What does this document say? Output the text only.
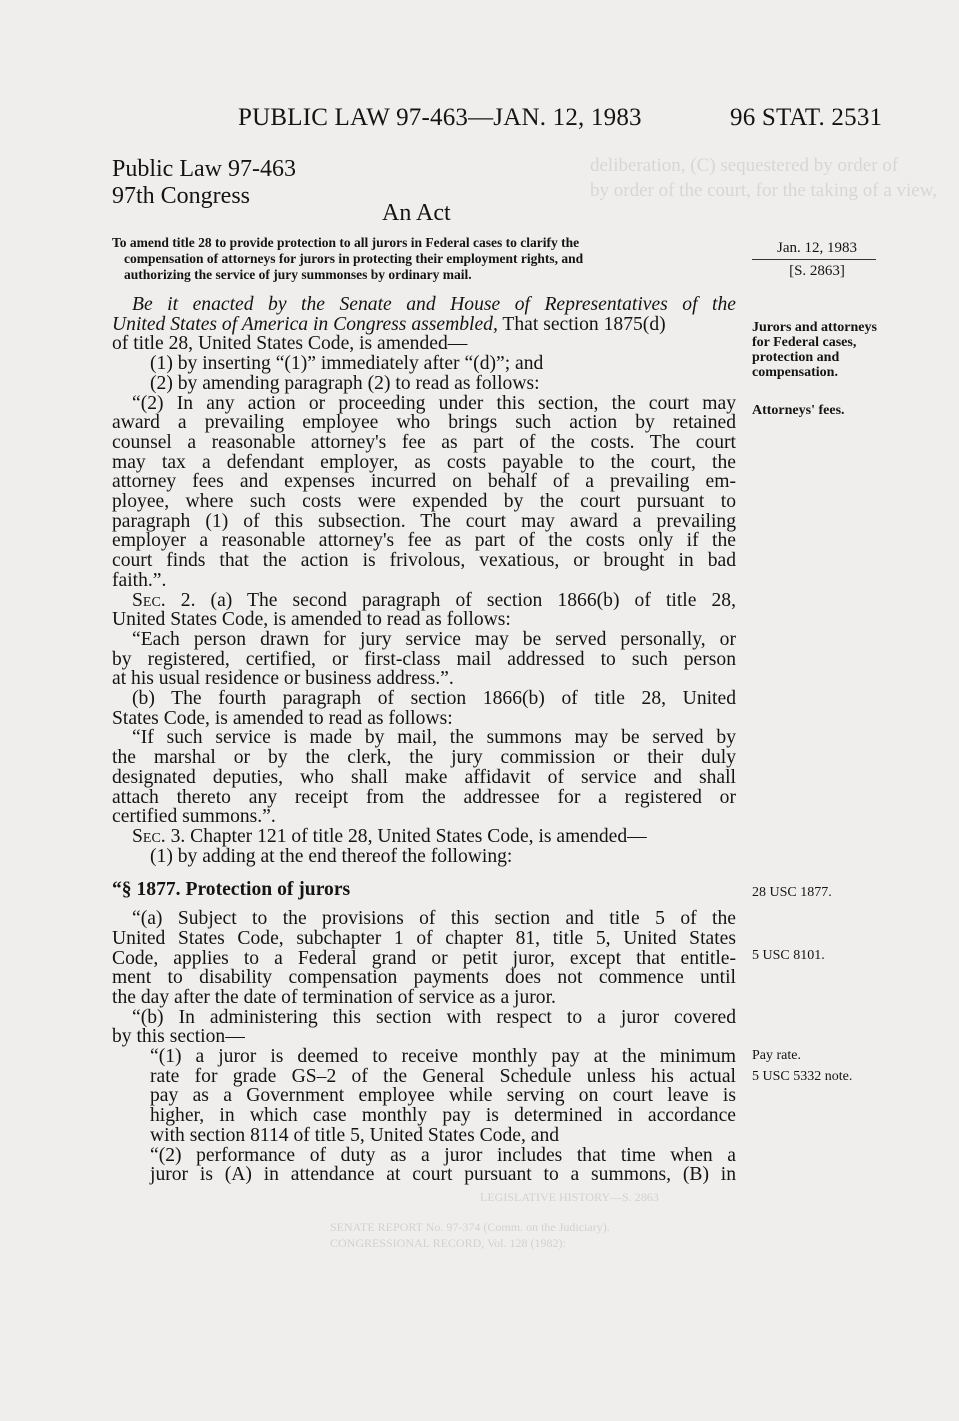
deliberation, (C) sequestered by order of
by order of the court, for the taking of a view,
LEGISLATIVE HISTORY—S. 2863
SENATE REPORT No. 97-374 (Comm. on the Judiciary).
CONGRESSIONAL RECORD, Vol. 128 (1982):
PUBLIC LAW 97-463—JAN. 12, 1983	96 STAT. 2531
Public Law 97-463
97th Congress
An Act
To amend title 28 to provide protection to all jurors in Federal cases to clarify the
compensation of attorneys for jurors in protecting their employment rights, and
authorizing the service of jury summonses by ordinary mail.
Jan. 12, 1983
[S. 2863]
Jurors and attorneys for Federal cases, protection and compensation.
Attorneys' fees.
28 USC 1877.
5 USC 8101.
Pay rate.
5 USC 5332 note.
Be it enacted by the Senate and House of Representatives of the
United States of America in Congress assembled, That section 1875(d)
of title 28, United States Code, is amended—
(1) by inserting “(1)” immediately after “(d)”; and
(2) by amending paragraph (2) to read as follows:
“(2) In any action or proceeding under this section, the court may
award a prevailing employee who brings such action by retained
counsel a reasonable attorney's fee as part of the costs. The court
may tax a defendant employer, as costs payable to the court, the
attorney fees and expenses incurred on behalf of a prevailing em-
ployee, where such costs were expended by the court pursuant to
paragraph (1) of this subsection. The court may award a prevailing
employer a reasonable attorney's fee as part of the costs only if the
court finds that the action is frivolous, vexatious, or brought in bad
faith.”.
Sec. 2. (a) The second paragraph of section 1866(b) of title 28,
United States Code, is amended to read as follows:
“Each person drawn for jury service may be served personally, or
by registered, certified, or first-class mail addressed to such person
at his usual residence or business address.”.
(b) The fourth paragraph of section 1866(b) of title 28, United
States Code, is amended to read as follows:
“If such service is made by mail, the summons may be served by
the marshal or by the clerk, the jury commission or their duly
designated deputies, who shall make affidavit of service and shall
attach thereto any receipt from the addressee for a registered or
certified summons.”.
Sec. 3. Chapter 121 of title 28, United States Code, is amended—
(1) by adding at the end thereof the following:
“§ 1877. Protection of jurors
“(a) Subject to the provisions of this section and title 5 of the
United States Code, subchapter 1 of chapter 81, title 5, United States
Code, applies to a Federal grand or petit juror, except that entitle-
ment to disability compensation payments does not commence until
the day after the date of termination of service as a juror.
“(b) In administering this section with respect to a juror covered
by this section—
“(1) a juror is deemed to receive monthly pay at the minimum
rate for grade GS–2 of the General Schedule unless his actual
pay as a Government employee while serving on court leave is
higher, in which case monthly pay is determined in accordance
with section 8114 of title 5, United States Code, and
“(2) performance of duty as a juror includes that time when a
juror is (A) in attendance at court pursuant to a summons, (B) in
